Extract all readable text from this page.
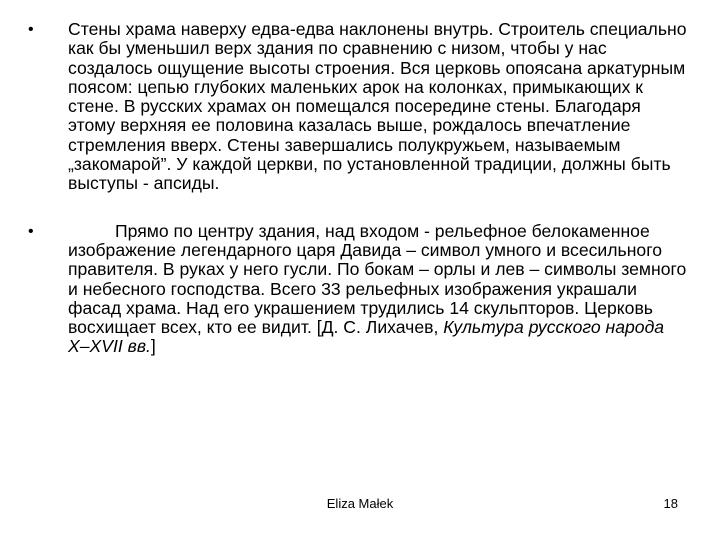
• Стены храма наверху едва-едва наклонены внутрь. Строитель специально как бы уменьшил верх здания по сравнению с низом, чтобы у нас создалось ощущение высоты строения. Вся церковь опоясана аркатурным поясом: цепью глубоких маленьких арок на колонках, примыкающих к стене. В русских храмах он помещался посередине стены. Благодаря этому верхняя ее половина казалась выше, рождалось впечатление стремления вверх. Стены завершались полукружьем, называемым „закомарой”. У каждой церкви, по установленной традиции, должны быть выступы - апсиды.
•	Прямо по центру здания, над входом - рельефное белокаменное изображение легендарного царя Давида – символ умного и всесильного правителя. В руках у него гусли. По бокам – орлы и лев – символы земного и небесного господства. Всего 33 рельефных изображения украшали фасад храма. Над его украшением трудились 14 скульпторов. Церковь восхищает всех, кто ее видит. [Д. С. Лихачев, Культура русского народа X–XVII вв.]
Eliza Małek	18
